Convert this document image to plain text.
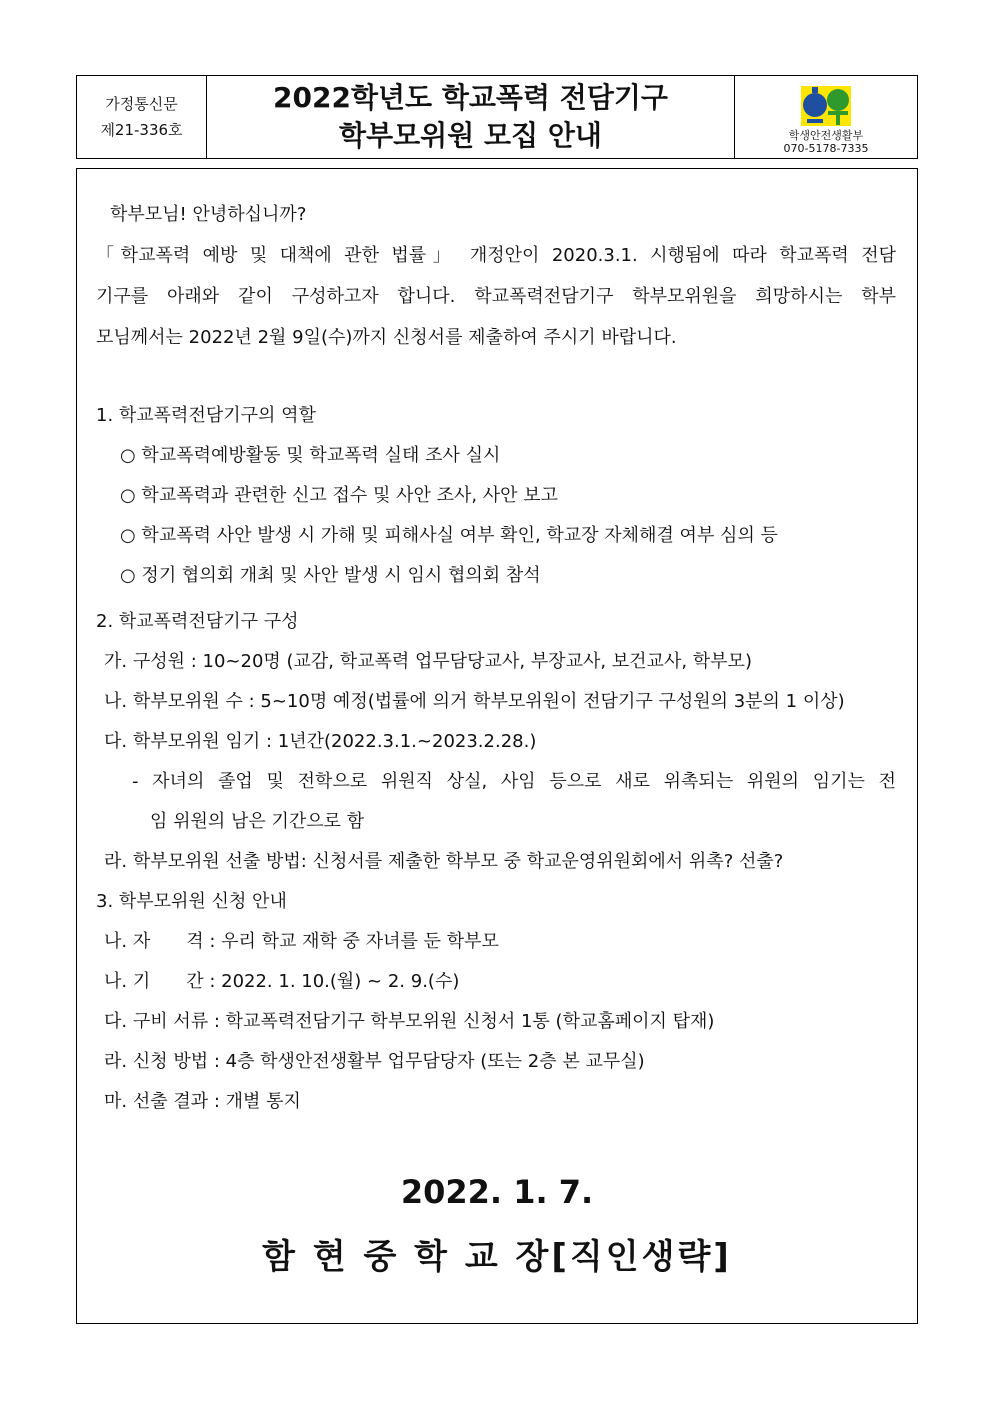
가정통신문
제21-336호
2022학년도 학교폭력 전담기구
학부모위원 모집 안내	학생안전생활부
070-5178-7335
학부모님! 안녕하십니까?
「학교폭력 예방 및 대책에 관한 법률」 개정안이 2020.3.1. 시행됨에 따라 학교폭력 전담
기구를 아래와 같이 구성하고자 합니다. 학교폭력전담기구 학부모위원을 희망하시는 학부
모님께서는 2022년 2월 9일(수)까지 신청서를 제출하여 주시기 바랍니다.
1. 학교폭력전담기구의 역할
○ 학교폭력예방활동 및 학교폭력 실태 조사 실시
○ 학교폭력과 관련한 신고 접수 및 사안 조사, 사안 보고
○ 학교폭력 사안 발생 시 가해 및 피해사실 여부 확인, 학교장 자체해결 여부 심의 등
○ 정기 협의회 개최 및 사안 발생 시 임시 협의회 참석
2. 학교폭력전담기구 구성
가. 구성원 : 10~20명 (교감, 학교폭력 업무담당교사, 부장교사, 보건교사, 학부모)
나. 학부모위원 수 : 5~10명 예정(법률에 의거 학부모위원이 전담기구 구성원의 3분의 1 이상)
다. 학부모위원 임기 : 1년간(2022.3.1.~2023.2.28.)
- 자녀의 졸업 및 전학으로 위원직 상실, 사임 등으로 새로 위촉되는 위원의 임기는 전
임 위원의 남은 기간으로 함
라. 학부모위원 선출 방법: 신청서를 제출한 학부모 중 학교운영위원회에서 위촉? 선출?
3. 학부모위원 신청 안내
나. 자　　격 : 우리 학교 재학 중 자녀를 둔 학부모
나. 기　　간 : 2022. 1. 10.(월) ~ 2. 9.(수)
다. 구비 서류 : 학교폭력전담기구 학부모위원 신청서 1통 (학교홈페이지 탑재)
라. 신청 방법 : 4층 학생안전생활부 업무담당자 (또는 2층 본 교무실)
마. 선출 결과 : 개별 통지
2022. 1. 7.
함 현 중 학 교 장[직인생략]
